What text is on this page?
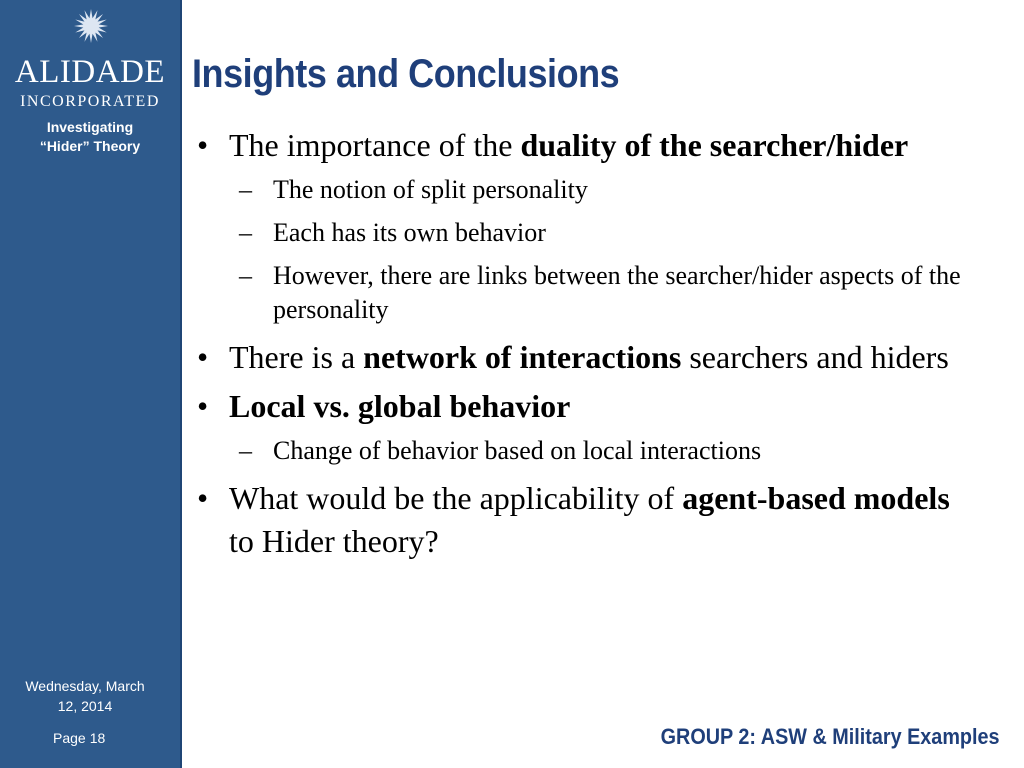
ALIDADE
INCORPORATED
Investigating
“Hider” Theory
Wednesday, March
12, 2014
Page 18
Insights and Conclusions
• The importance of the duality of the searcher/hider
– The notion of split personality
– Each has its own behavior
– However, there are links between the searcher/hider aspects of the personality
• There is a network of interactions searchers and hiders
• Local vs. global behavior
– Change of behavior based on local interactions
• What would be the applicability of agent-based models to Hider theory?
GROUP 2: ASW & Military Examples
